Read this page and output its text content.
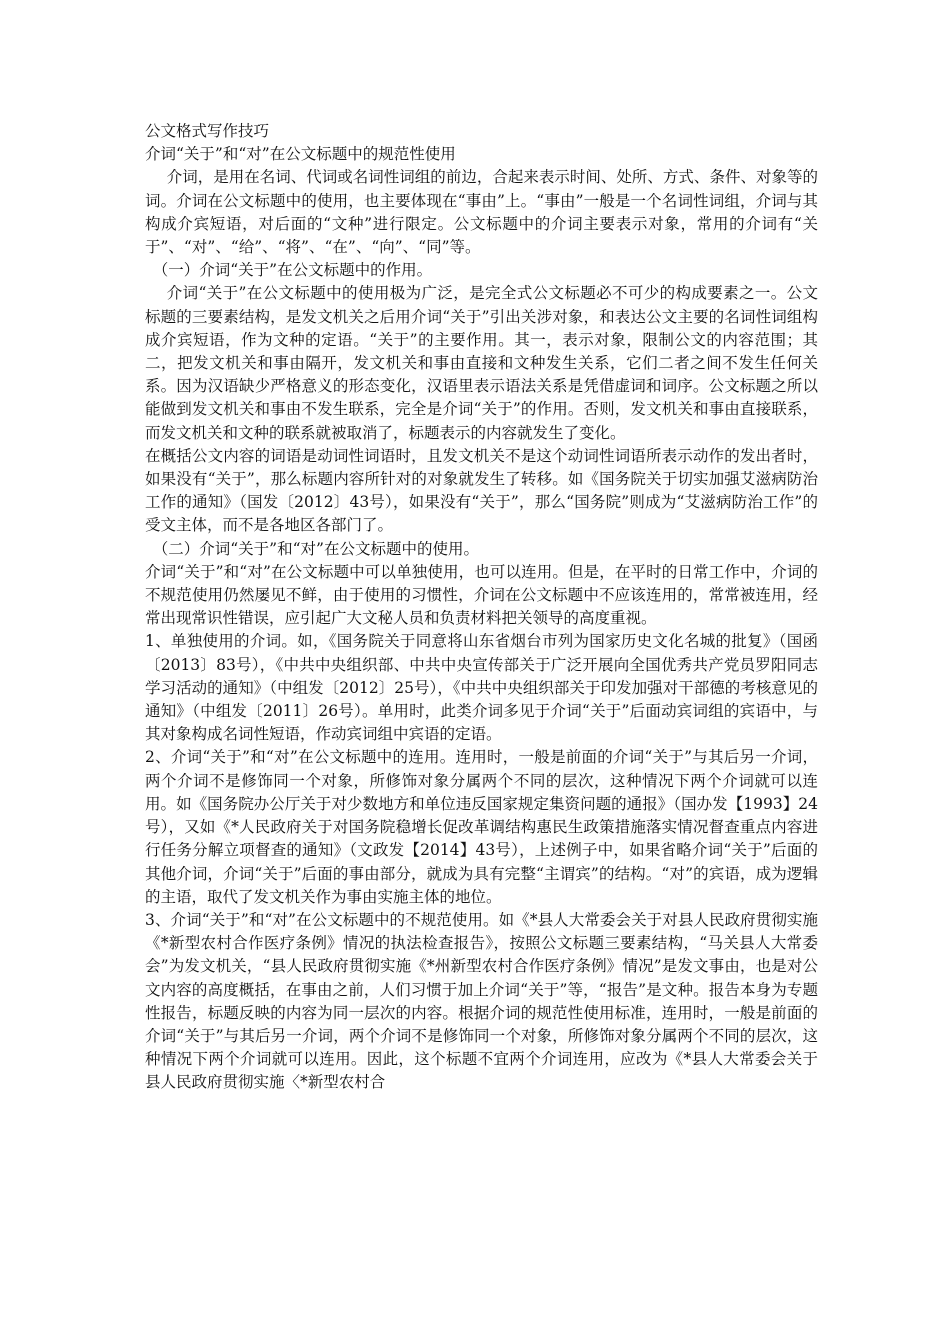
公文格式写作技巧

介词“关于”和“对”在公文标题中的规范性使用

介词，是用在名词、代词或名词性词组的前边，合起来表示时间、处所、方式、条件、对象等的词。介词在公文标题中的使用，也主要体现在“事由”上。“事由”一般是一个名词性词组，介词与其构成介宾短语，对后面的“文种”进行限定。公文标题中的介词主要表示对象，常用的介词有“关于”、“对”、“给”、“将”、“在”、“向”、“同”等。

（一）介词“关于”在公文标题中的作用。

介词“关于”在公文标题中的使用极为广泛，是完全式公文标题必不可少的构成要素之一。公文标题的三要素结构，是发文机关之后用介词“关于”引出关涉对象，和表达公文主要的名词性词组构成介宾短语，作为文种的定语。“关于”的主要作用。其一，表示对象，限制公文的内容范围；其二，把发文机关和事由隔开，发文机关和事由直接和文种发生关系，它们二者之间不发生任何关系。因为汉语缺少严格意义的形态变化，汉语里表示语法关系是凭借虚词和词序。公文标题之所以能做到发文机关和事由不发生联系，完全是介词“关于”的作用。否则，发文机关和事由直接联系，而发文机关和文种的联系就被取消了，标题表示的内容就发生了变化。

在概括公文内容的词语是动词性词语时，且发文机关不是这个动词性词语所表示动作的发出者时，如果没有“关于”，那么标题内容所针对的对象就发生了转移。如《国务院关于切实加强艾滋病防治工作的通知》（国发〔2012〕43号），如果没有“关于”，那么“国务院”则成为“艾滋病防治工作”的受文主体，而不是各地区各部门了。

（二）介词“关于”和“对”在公文标题中的使用。

介词“关于”和“对”在公文标题中可以单独使用，也可以连用。但是，在平时的日常工作中，介词的不规范使用仍然屡见不鲜，由于使用的习惯性，介词在公文标题中不应该连用的，常常被连用，经常出现常识性错误，应引起广大文秘人员和负责材料把关领导的高度重视。

1、单独使用的介词。如，《国务院关于同意将山东省烟台市列为国家历史文化名城的批复》（国函〔2013〕83号），《中共中央组织部、中共中央宣传部关于广泛开展向全国优秀共产党员罗阳同志学习活动的通知》（中组发〔2012〕25号），《中共中央组织部关于印发加强对干部德的考核意见的通知》（中组发〔2011〕26号）。单用时，此类介词多见于介词“关于”后面动宾词组的宾语中，与其对象构成名词性短语，作动宾词组中宾语的定语。

2、介词“关于”和“对”在公文标题中的连用。连用时，一般是前面的介词“关于”与其后另一介词，两个介词不是修饰同一个对象，所修饰对象分属两个不同的层次，这种情况下两个介词就可以连用。如《国务院办公厅关于对少数地方和单位违反国家规定集资问题的通报》（国办发【1993】24号），又如《*人民政府关于对国务院稳增长促改革调结构惠民生政策措施落实情况督查重点内容进行任务分解立项督查的通知》（文政发【2014】43号），上述例子中，如果省略介词“关于”后面的其他介词，介词“关于”后面的事由部分，就成为具有完整“主谓宾”的结构。“对”的宾语，成为逻辑的主语，取代了发文机关作为事由实施主体的地位。

3、介词“关于”和“对”在公文标题中的不规范使用。如《*县人大常委会关于对县人民政府贯彻实施《*新型农村合作医疗条例》情况的执法检查报告》，按照公文标题三要素结构，“马关县人大常委会”为发文机关，“县人民政府贯彻实施《*州新型农村合作医疗条例》情况”是发文事由，也是对公文内容的高度概括，在事由之前，人们习惯于加上介词“关于”等，“报告”是文种。报告本身为专题性报告，标题反映的内容为同一层次的内容。根据介词的规范性使用标准，连用时，一般是前面的介词“关于”与其后另一介词，两个介词不是修饰同一个对象，所修饰对象分属两个不同的层次，这种情况下两个介词就可以连用。因此，这个标题不宜两个介词连用，应改为《*县人大常委会关于县人民政府贯彻实施〈*新型农村合
